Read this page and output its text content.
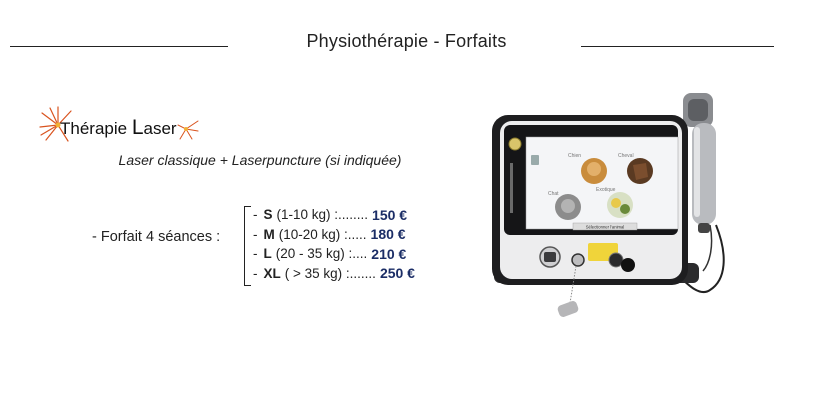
Physiothérapie - Forfaits
Thérapie Laser
Laser classique + Laserpuncture (si indiquée)
- Forfait 4 séances :
- S (1-10 kg) :........ 150 €
- M (10-20 kg) :..... 180 €
- L (20 - 35 kg) :.... 210 €
- XL ( > 35 kg) :....... 250 €
Chien	Cheval
Chat
Exotique
Sélectionner l'animal
